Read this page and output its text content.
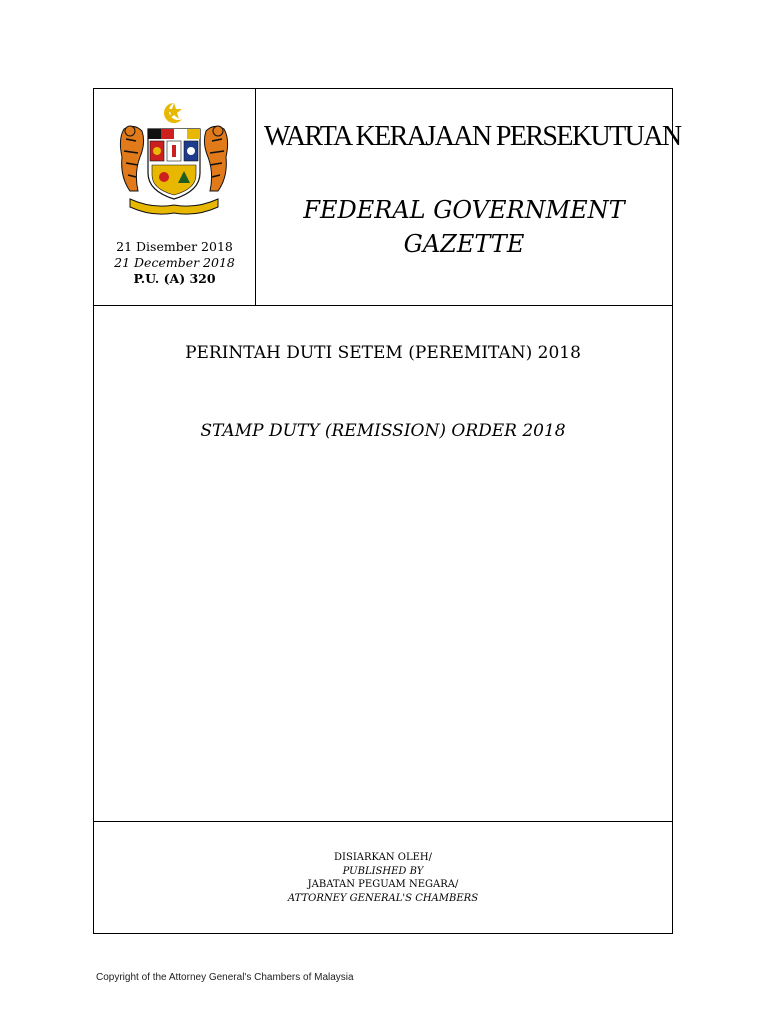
21 Disember 2018
21 December 2018
P.U. (A) 320
WARTA KERAJAAN PERSEKUTUAN
FEDERAL GOVERNMENT
GAZETTE
PERINTAH DUTI SETEM (PEREMITAN) 2018
STAMP DUTY (REMISSION) ORDER 2018
DISIARKAN OLEH/
PUBLISHED BY
JABATAN PEGUAM NEGARA/
ATTORNEY GENERAL'S CHAMBERS
Copyright of the Attorney General's Chambers of Malaysia
